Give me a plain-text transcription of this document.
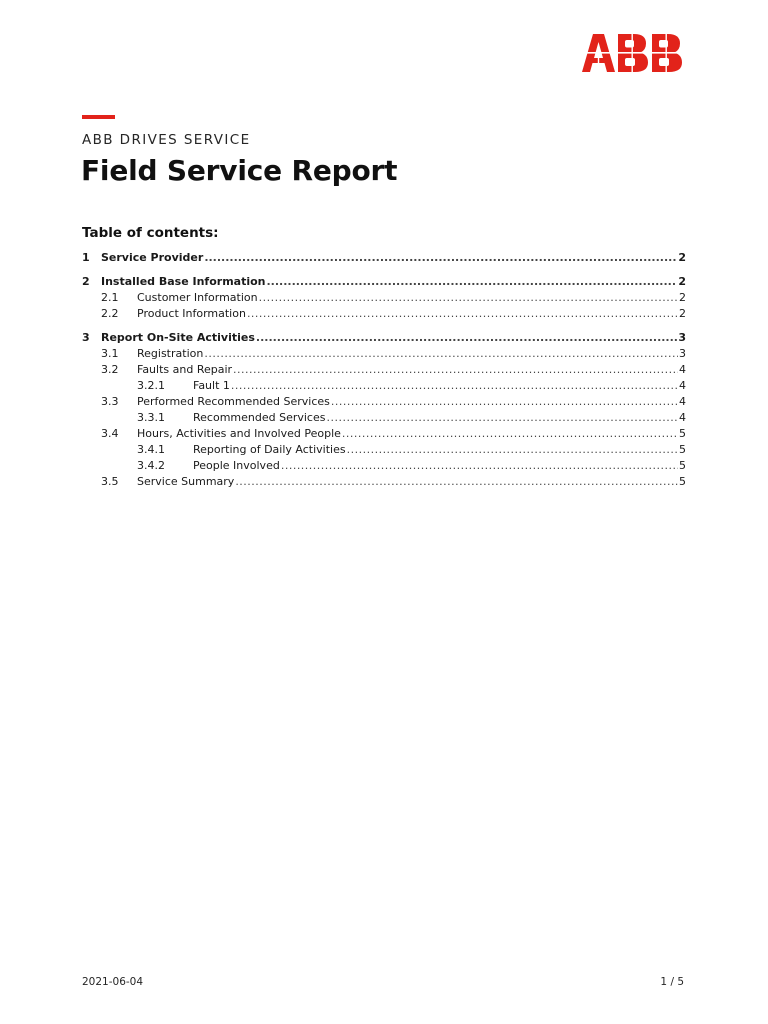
ABB DRIVES SERVICE
Field Service Report
Table of contents:
1	Service Provider .....	2
2	Installed Base Information .....	2
2.1	Customer Information .....	2
2.2	Product Information .....	2
3	Report On-Site Activities .....	3
3.1	Registration .....	3
3.2	Faults and Repair .....	4
3.2.1	Fault 1 .....	4
3.3	Performed Recommended Services .....	4
3.3.1	Recommended Services .....	4
3.4	Hours, Activities and Involved People .....	5
3.4.1	Reporting of Daily Activities .....	5
3.4.2	People Involved .....	5
3.5	Service Summary .....	5
2021-06-04	1 / 5
